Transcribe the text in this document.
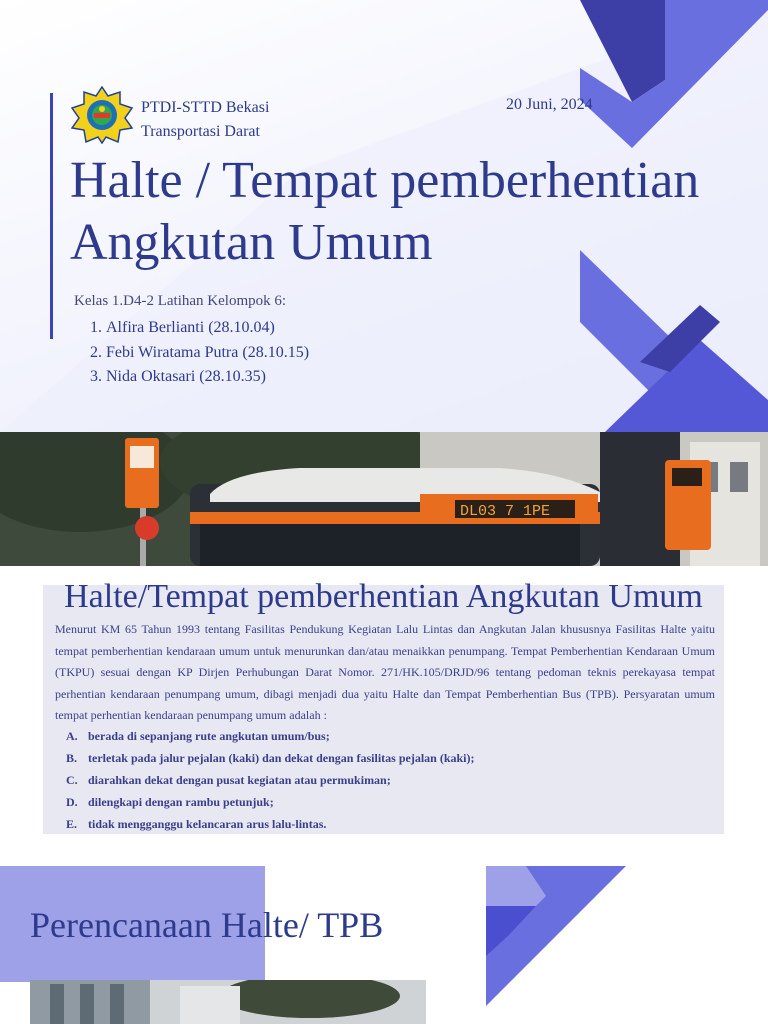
PTDI-STTD Bekasi
Transportasi Darat
20 Juni, 2024
Kelas 1.D4-2 Latihan Kelompok 6:
Halte / Tempat pemberhentian Angkutan Umum
1. Alfira Berlianti (28.10.04)
2. Febi Wiratama Putra (28.10.15)
3. Nida Oktasari (28.10.35)
DL03 7 1PE
Halte/Tempat pemberhentian Angkutan Umum

Menurut KM 65 Tahun 1993 tentang Fasilitas Pendukung Kegiatan Lalu Lintas dan Angkutan Jalan khususnya Fasilitas Halte yaitu tempat pemberhentian kendaraan umum untuk menurunkan dan/atau menaikkan penumpang. Tempat Pemberhentian Kendaraan Umum (TKPU) sesuai dengan KP Dirjen Perhubungan Darat Nomor. 271/HK.105/DRJD/96 tentang pedoman teknis perekayasa tempat perhentian kendaraan penumpang umum, dibagi menjadi dua yaitu Halte dan Tempat Pemberhentian Bus (TPB). Persyaratan umum tempat perhentian kendaraan penumpang umum adalah :

A. berada di sepanjang rute angkutan umum/bus;
B. terletak pada jalur pejalan (kaki) dan dekat dengan fasilitas pejalan (kaki);
C. diarahkan dekat dengan pusat kegiatan atau permukiman;
D. dilengkapi dengan rambu petunjuk;
E. tidak mengganggu kelancaran arus lalu-lintas.
Perencanaan Halte/ TPB
